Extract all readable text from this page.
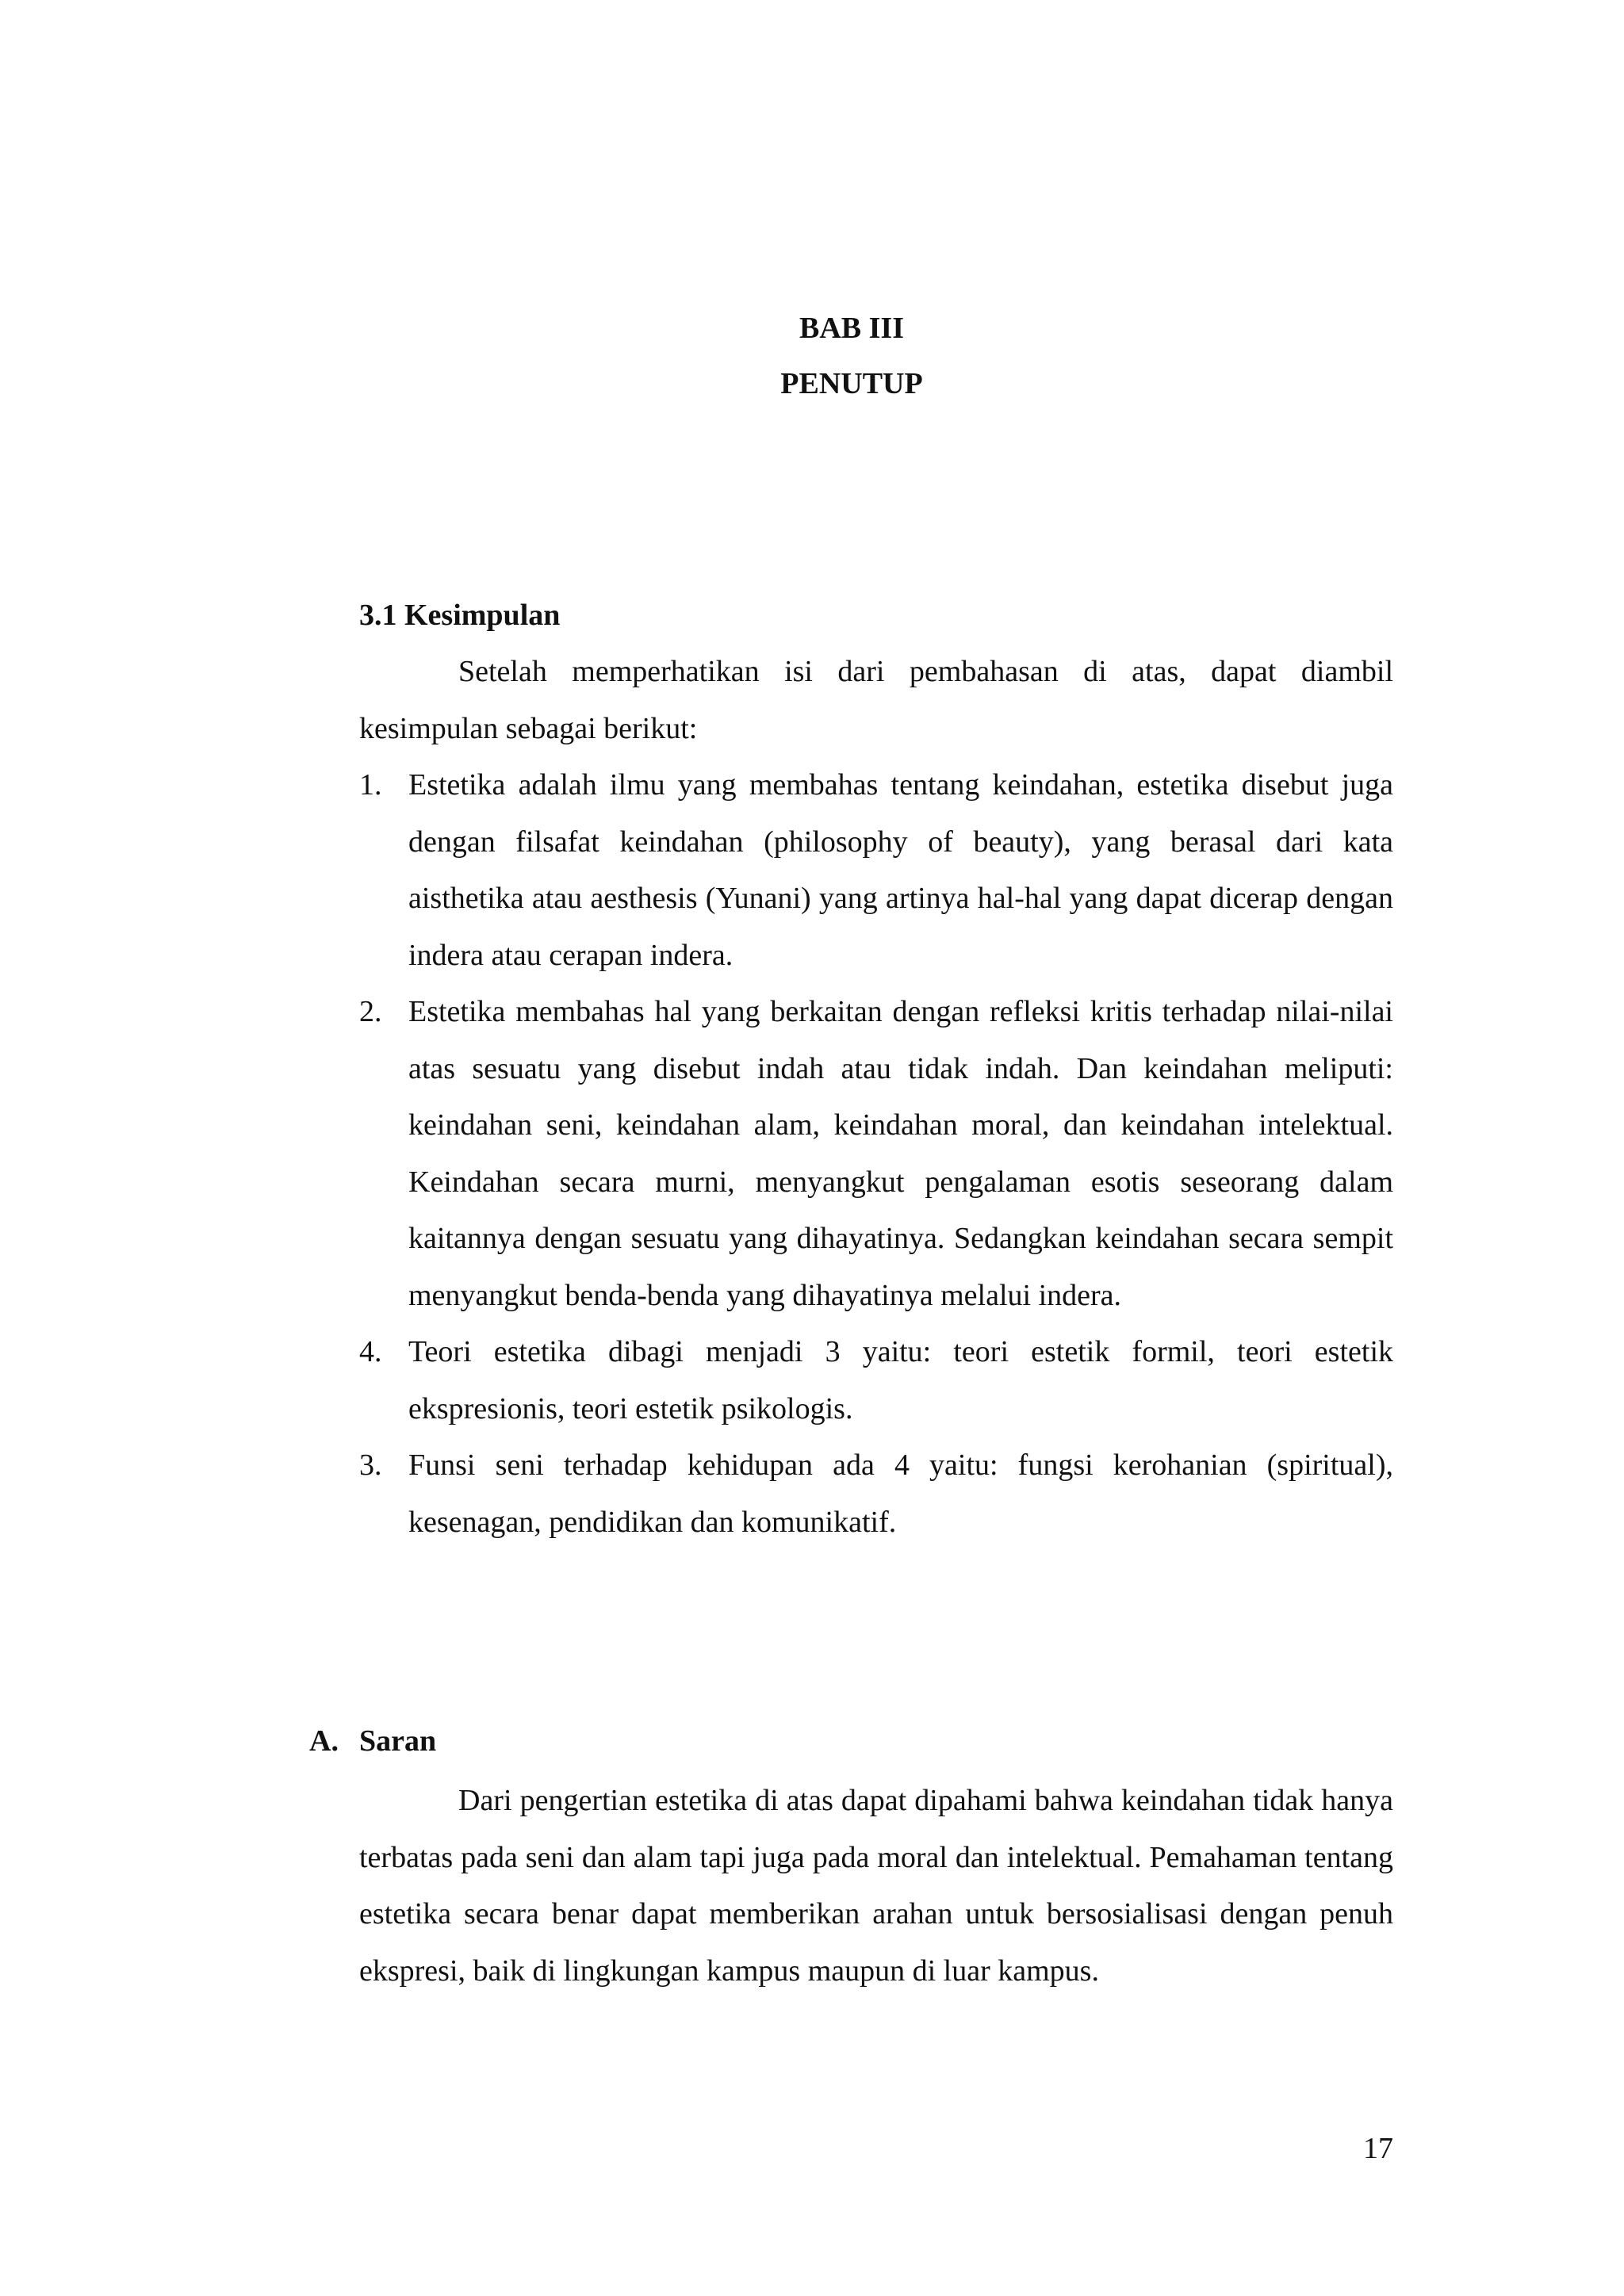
BAB III
PENUTUP
3.1 Kesimpulan

Setelah memperhatikan isi dari pembahasan di atas, dapat diambil kesimpulan sebagai berikut:

1. Estetika adalah ilmu yang membahas tentang keindahan, estetika disebut juga dengan filsafat keindahan (philosophy of beauty), yang berasal dari kata aisthetika atau aesthesis (Yunani) yang artinya hal-hal yang dapat dicerap dengan indera atau cerapan indera.
2. Estetika membahas hal yang berkaitan dengan refleksi kritis terhadap nilai-nilai atas sesuatu yang disebut indah atau tidak indah. Dan keindahan meliputi: keindahan seni, keindahan alam, keindahan moral, dan keindahan intelektual. Keindahan secara murni, menyangkut pengalaman esotis seseorang dalam kaitannya dengan sesuatu yang dihayatinya. Sedangkan keindahan secara sempit menyangkut benda-benda yang dihayatinya melalui indera.
4. Teori estetika dibagi menjadi 3 yaitu: teori estetik formil, teori estetik ekspresionis, teori estetik psikologis.
3. Funsi seni terhadap kehidupan ada 4 yaitu: fungsi kerohanian (spiritual), kesenagan, pendidikan dan komunikatif.
A. Saran

Dari pengertian estetika di atas dapat dipahami bahwa keindahan tidak hanya terbatas pada seni dan alam tapi juga pada moral dan intelektual. Pemahaman tentang estetika secara benar dapat memberikan arahan untuk bersosialisasi dengan penuh ekspresi, baik di lingkungan kampus maupun di luar kampus.

17
